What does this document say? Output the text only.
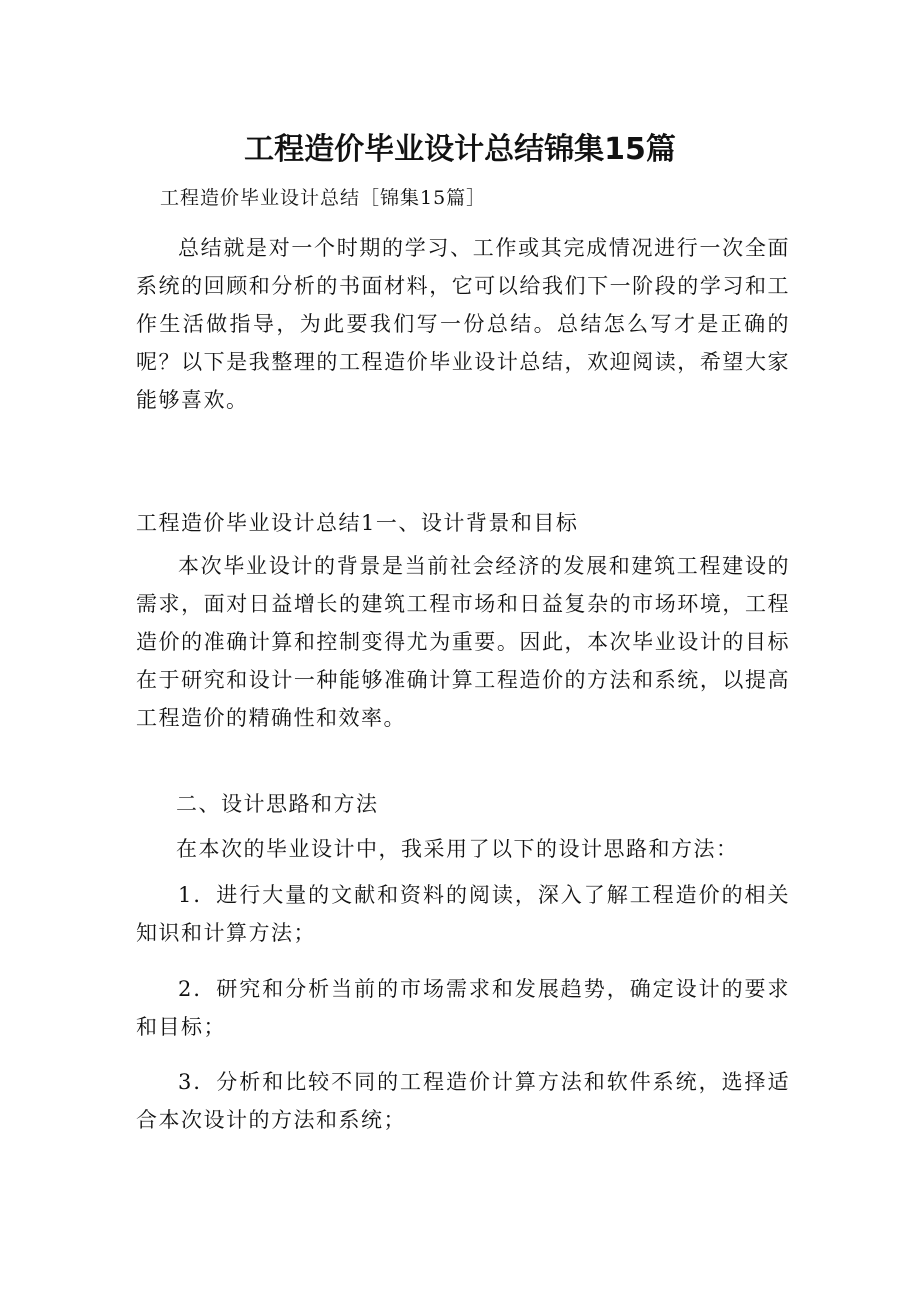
工程造价毕业设计总结锦集15篇

工程造价毕业设计总结［锦集15篇］

总结就是对一个时期的学习、工作或其完成情况进行一次全面系统的回顾和分析的书面材料，它可以给我们下一阶段的学习和工作生活做指导，为此要我们写一份总结。总结怎么写才是正确的呢？以下是我整理的工程造价毕业设计总结，欢迎阅读，希望大家能够喜欢。

工程造价毕业设计总结1一、设计背景和目标

本次毕业设计的背景是当前社会经济的发展和建筑工程建设的需求，面对日益增长的建筑工程市场和日益复杂的市场环境，工程造价的准确计算和控制变得尤为重要。因此，本次毕业设计的目标在于研究和设计一种能够准确计算工程造价的方法和系统，以提高工程造价的精确性和效率。

二、设计思路和方法

在本次的毕业设计中，我采用了以下的设计思路和方法：

1．进行大量的文献和资料的阅读，深入了解工程造价的相关知识和计算方法；

2．研究和分析当前的市场需求和发展趋势，确定设计的要求和目标；

3．分析和比较不同的工程造价计算方法和软件系统，选择适合本次设计的方法和系统；
